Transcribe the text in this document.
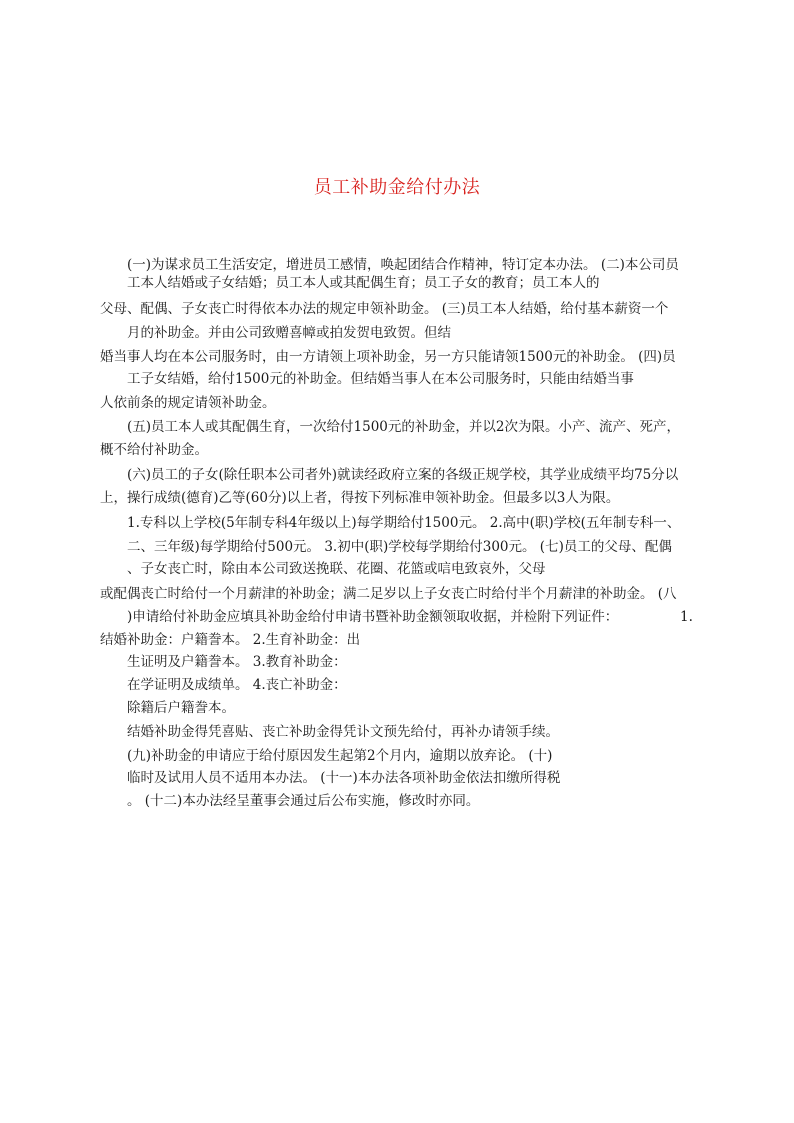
员工补助金给付办法
(一)为谋求员工生活安定，增进员工感情，唤起团结合作精神，特订定本办法。 (二)本公司员
工本人结婚或子女结婚；员工本人或其配偶生育；员工子女的教育；员工本人的
父母、配偶、子女丧亡时得依本办法的规定申领补助金。 (三)员工本人结婚，给付基本薪资一个
月的补助金。并由公司致赠喜幛或拍发贺电致贺。但结
婚当事人均在本公司服务时，由一方请领上项补助金，另一方只能请领1500元的补助金。 (四)员
工子女结婚，给付1500元的补助金。但结婚当事人在本公司服务时，只能由结婚当事
人依前条的规定请领补助金。
(五)员工本人或其配偶生育，一次给付1500元的补助金，并以2次为限。小产、流产、死产，
概不给付补助金。
(六)员工的子女(除任职本公司者外)就读经政府立案的各级正规学校，其学业成绩平均75分以
上，操行成绩(德育)乙等(60分)以上者，得按下列标准申领补助金。但最多以3人为限。
1.专科以上学校(5年制专科4年级以上)每学期给付1500元。 2.高中(职)学校(五年制专科一、
二、三年级)每学期给付500元。 3.初中(职)学校每学期给付300元。 (七)员工的父母、配偶
、子女丧亡时，除由本公司致送挽联、花圈、花篮或唁电致哀外，父母
或配偶丧亡时给付一个月薪津的补助金；满二足岁以上子女丧亡时给付半个月薪津的补助金。 (八
)申请给付补助金应填具补助金给付申请书暨补助金额领取收据，并检附下列证件：	1.
结婚补助金：户籍誊本。 2.生育补助金：出
生证明及户籍誊本。 3.教育补助金：
在学证明及成绩单。 4.丧亡补助金：
除籍后户籍誊本。
结婚补助金得凭喜贴、丧亡补助金得凭讣文预先给付，再补办请领手续。
(九)补助金的申请应于给付原因发生起第2个月内，逾期以放弃论。 (十)
临时及试用人员不适用本办法。 (十一)本办法各项补助金依法扣缴所得税
。 (十二)本办法经呈董事会通过后公布实施，修改时亦同。
